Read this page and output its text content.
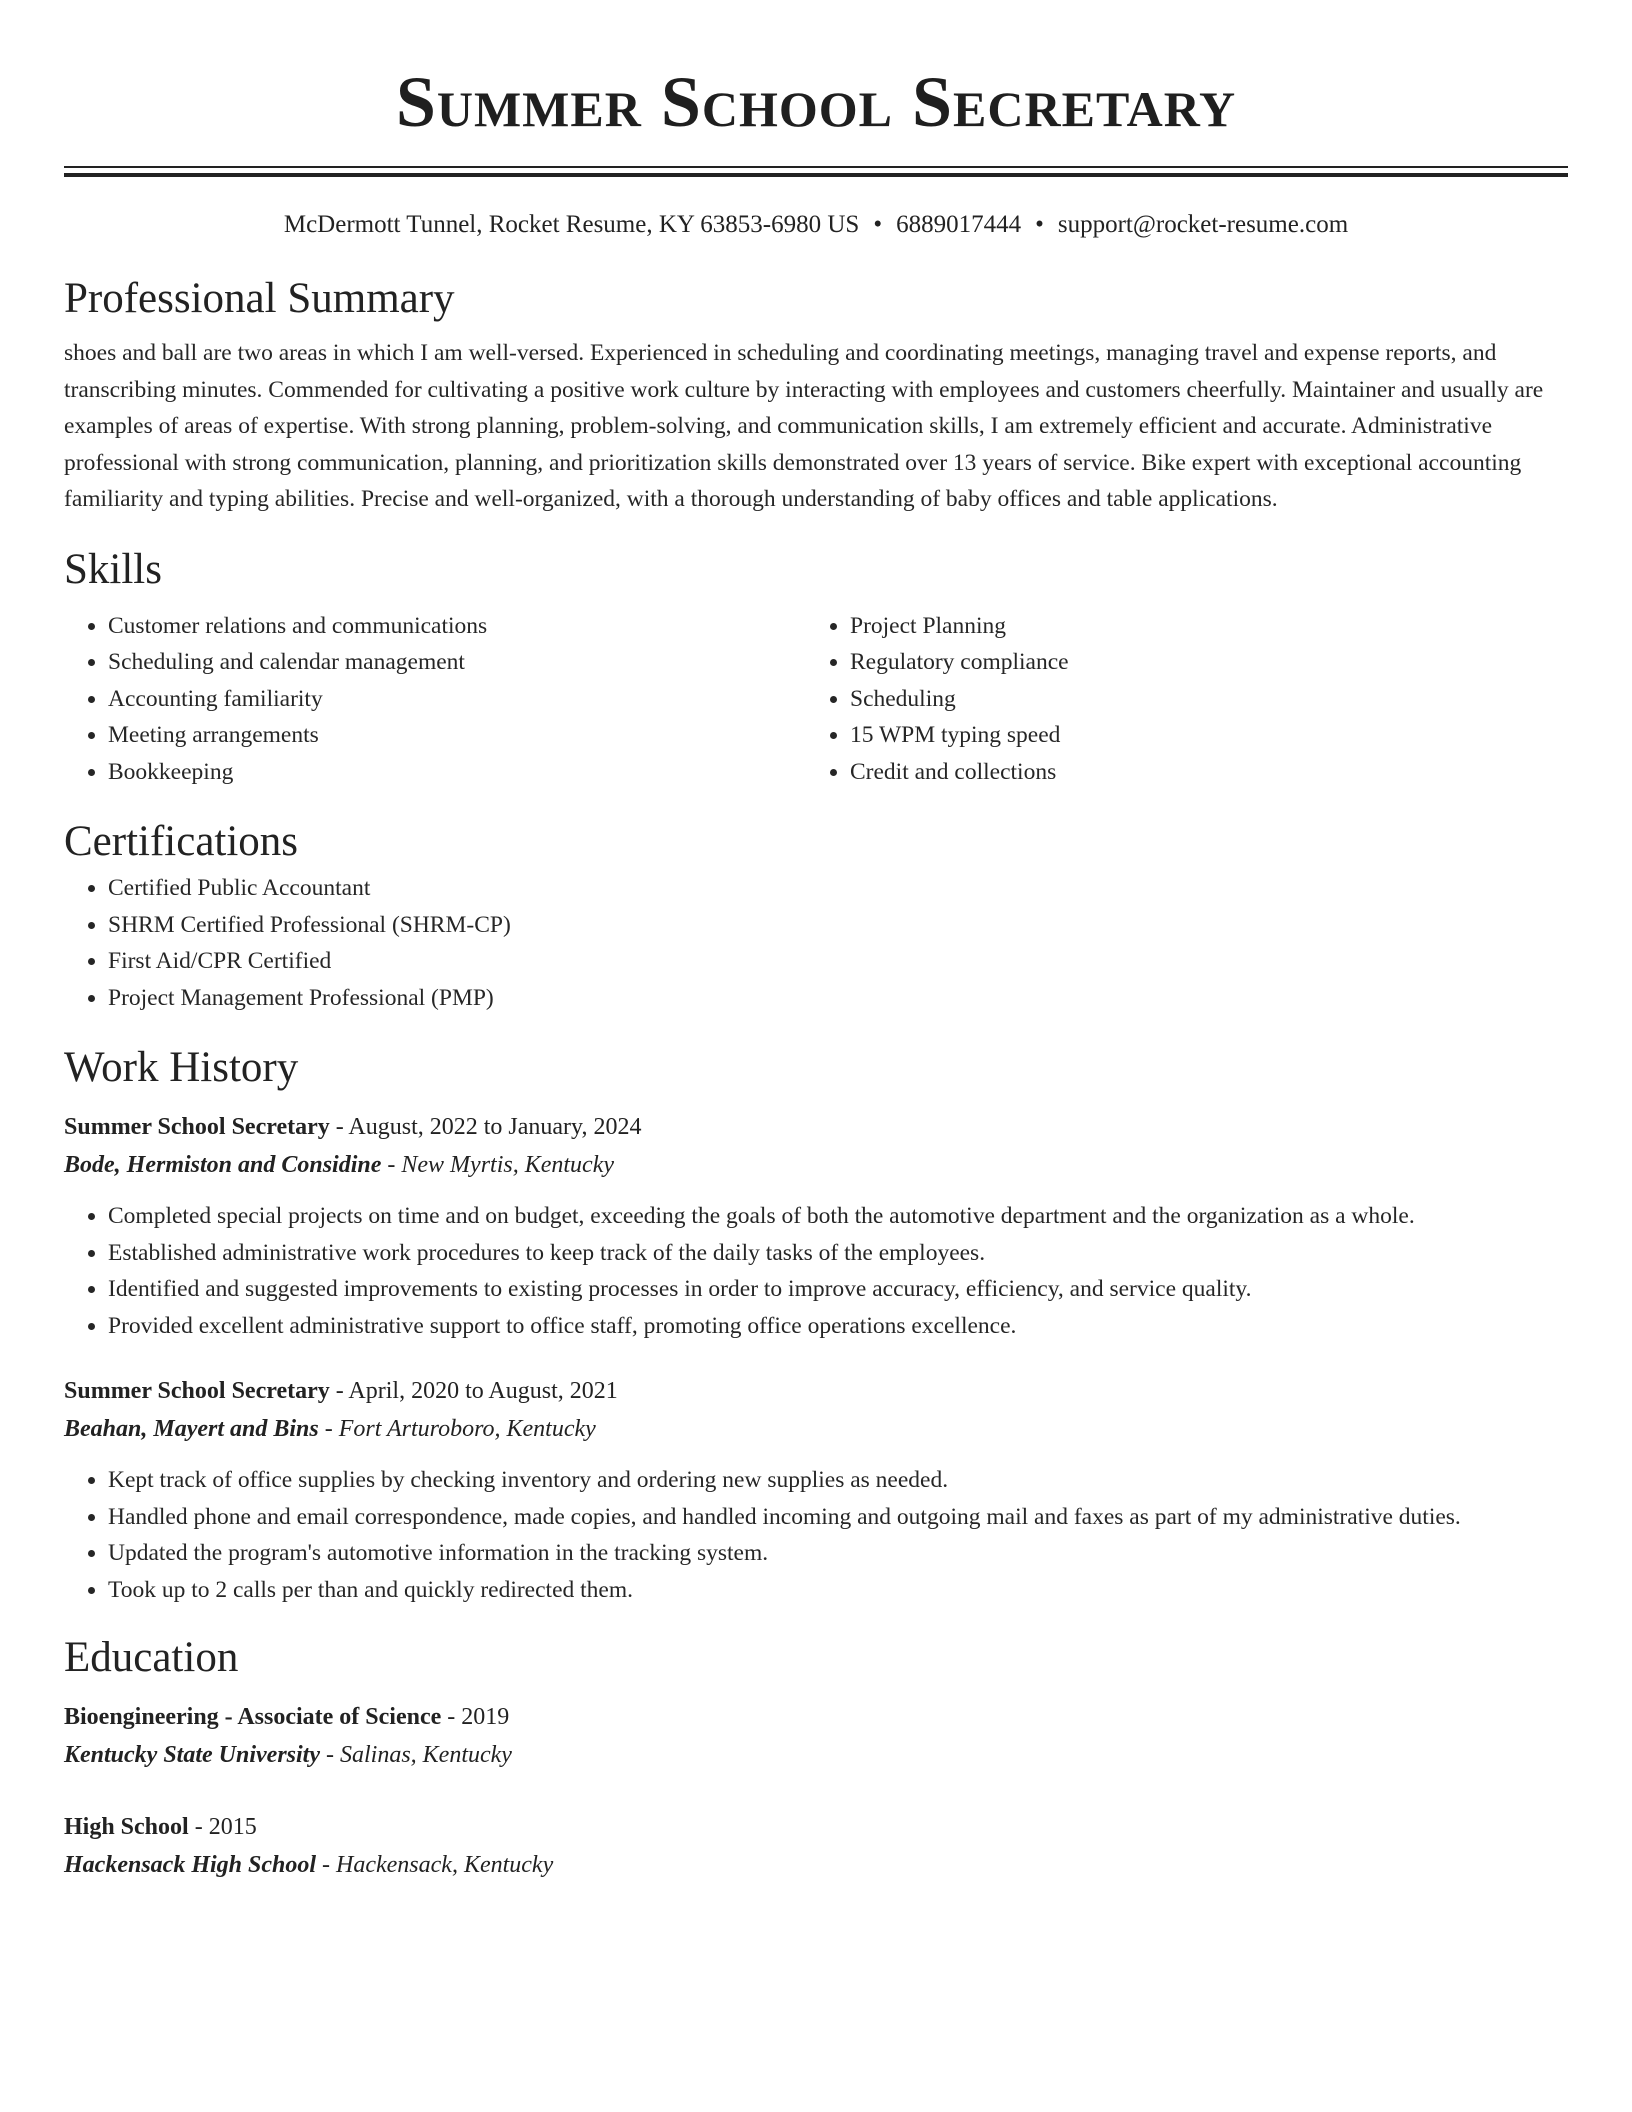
Summer School Secretary
McDermott Tunnel, Rocket Resume, KY 63853-6980 US • 6889017444 • support@rocket-resume.com
Professional Summary
shoes and ball are two areas in which I am well-versed. Experienced in scheduling and coordinating meetings, managing travel and expense reports, and transcribing minutes. Commended for cultivating a positive work culture by interacting with employees and customers cheerfully. Maintainer and usually are examples of areas of expertise. With strong planning, problem-solving, and communication skills, I am extremely efficient and accurate. Administrative professional with strong communication, planning, and prioritization skills demonstrated over 13 years of service. Bike expert with exceptional accounting familiarity and typing abilities. Precise and well-organized, with a thorough understanding of baby offices and table applications.
Skills
• Customer relations and communications
• Scheduling and calendar management
• Accounting familiarity
• Meeting arrangements
• Bookkeeping
• Project Planning
• Regulatory compliance
• Scheduling
• 15 WPM typing speed
• Credit and collections
Certifications
• Certified Public Accountant
• SHRM Certified Professional (SHRM-CP)
• First Aid/CPR Certified
• Project Management Professional (PMP)
Work History
Summer School Secretary - August, 2022 to January, 2024
Bode, Hermiston and Considine - New Myrtis, Kentucky
• Completed special projects on time and on budget, exceeding the goals of both the automotive department and the organization as a whole.
• Established administrative work procedures to keep track of the daily tasks of the employees.
• Identified and suggested improvements to existing processes in order to improve accuracy, efficiency, and service quality.
• Provided excellent administrative support to office staff, promoting office operations excellence.
Summer School Secretary - April, 2020 to August, 2021
Beahan, Mayert and Bins - Fort Arturoboro, Kentucky
• Kept track of office supplies by checking inventory and ordering new supplies as needed.
• Handled phone and email correspondence, made copies, and handled incoming and outgoing mail and faxes as part of my administrative duties.
• Updated the program's automotive information in the tracking system.
• Took up to 2 calls per than and quickly redirected them.
Education
Bioengineering - Associate of Science - 2019
Kentucky State University - Salinas, Kentucky
High School - 2015
Hackensack High School - Hackensack, Kentucky
